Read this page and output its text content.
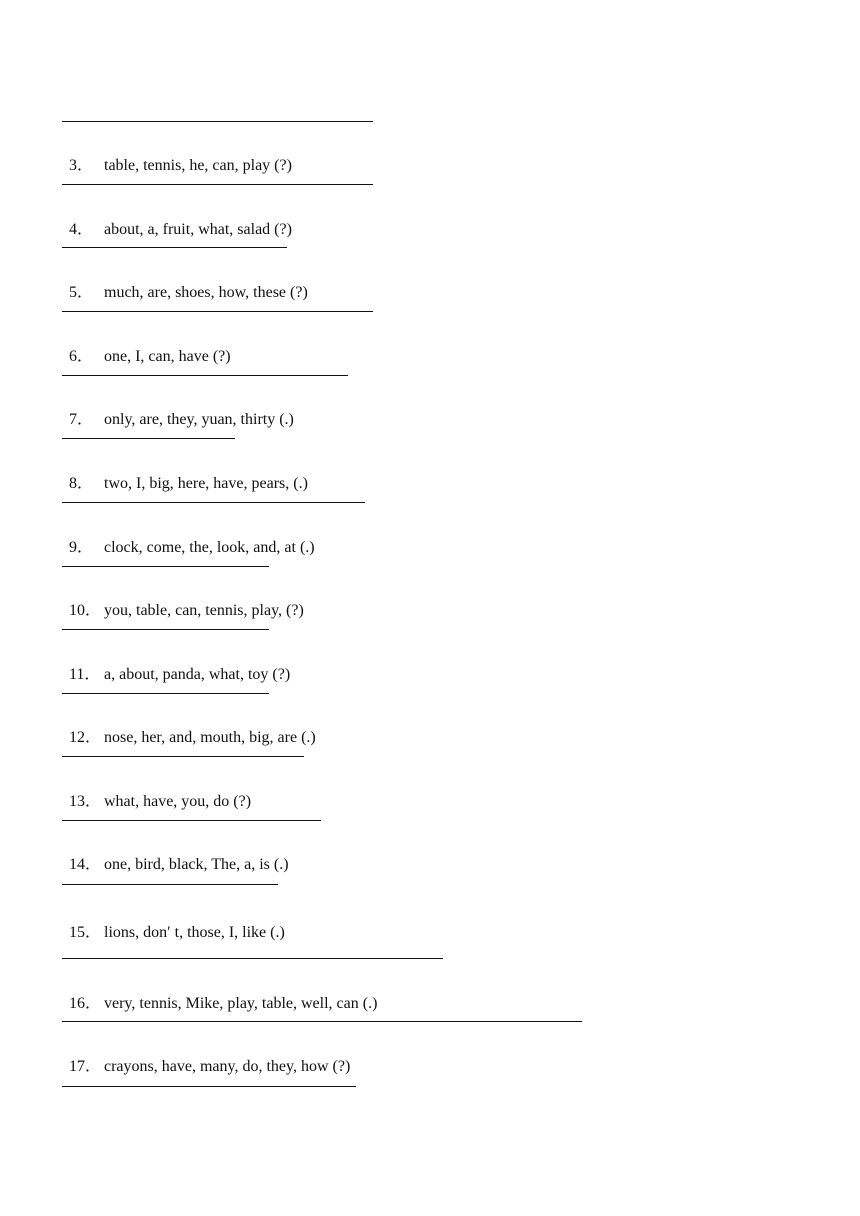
3． table, tennis, he, can, play (?)

4． about, a, fruit, what, salad (?)

5． much, are, shoes, how, these (?)

6． one, I, can, have (?)

7． only, are, they, yuan, thirty (.)

8． two, I, big, here, have, pears, (.)

9． clock, come, the, look, and, at (.)

10． you, table, can, tennis, play, (?)

11． a, about, panda, what, toy (?)

12． nose, her, and, mouth, big, are (.)

13． what, have, you, do (?)

14． one, bird, black, The, a, is (.)

15． lions, don′ t, those, I, like (.)

16． very, tennis, Mike, play, table, well, can (.)

17． crayons, have, many, do, they, how (?)
